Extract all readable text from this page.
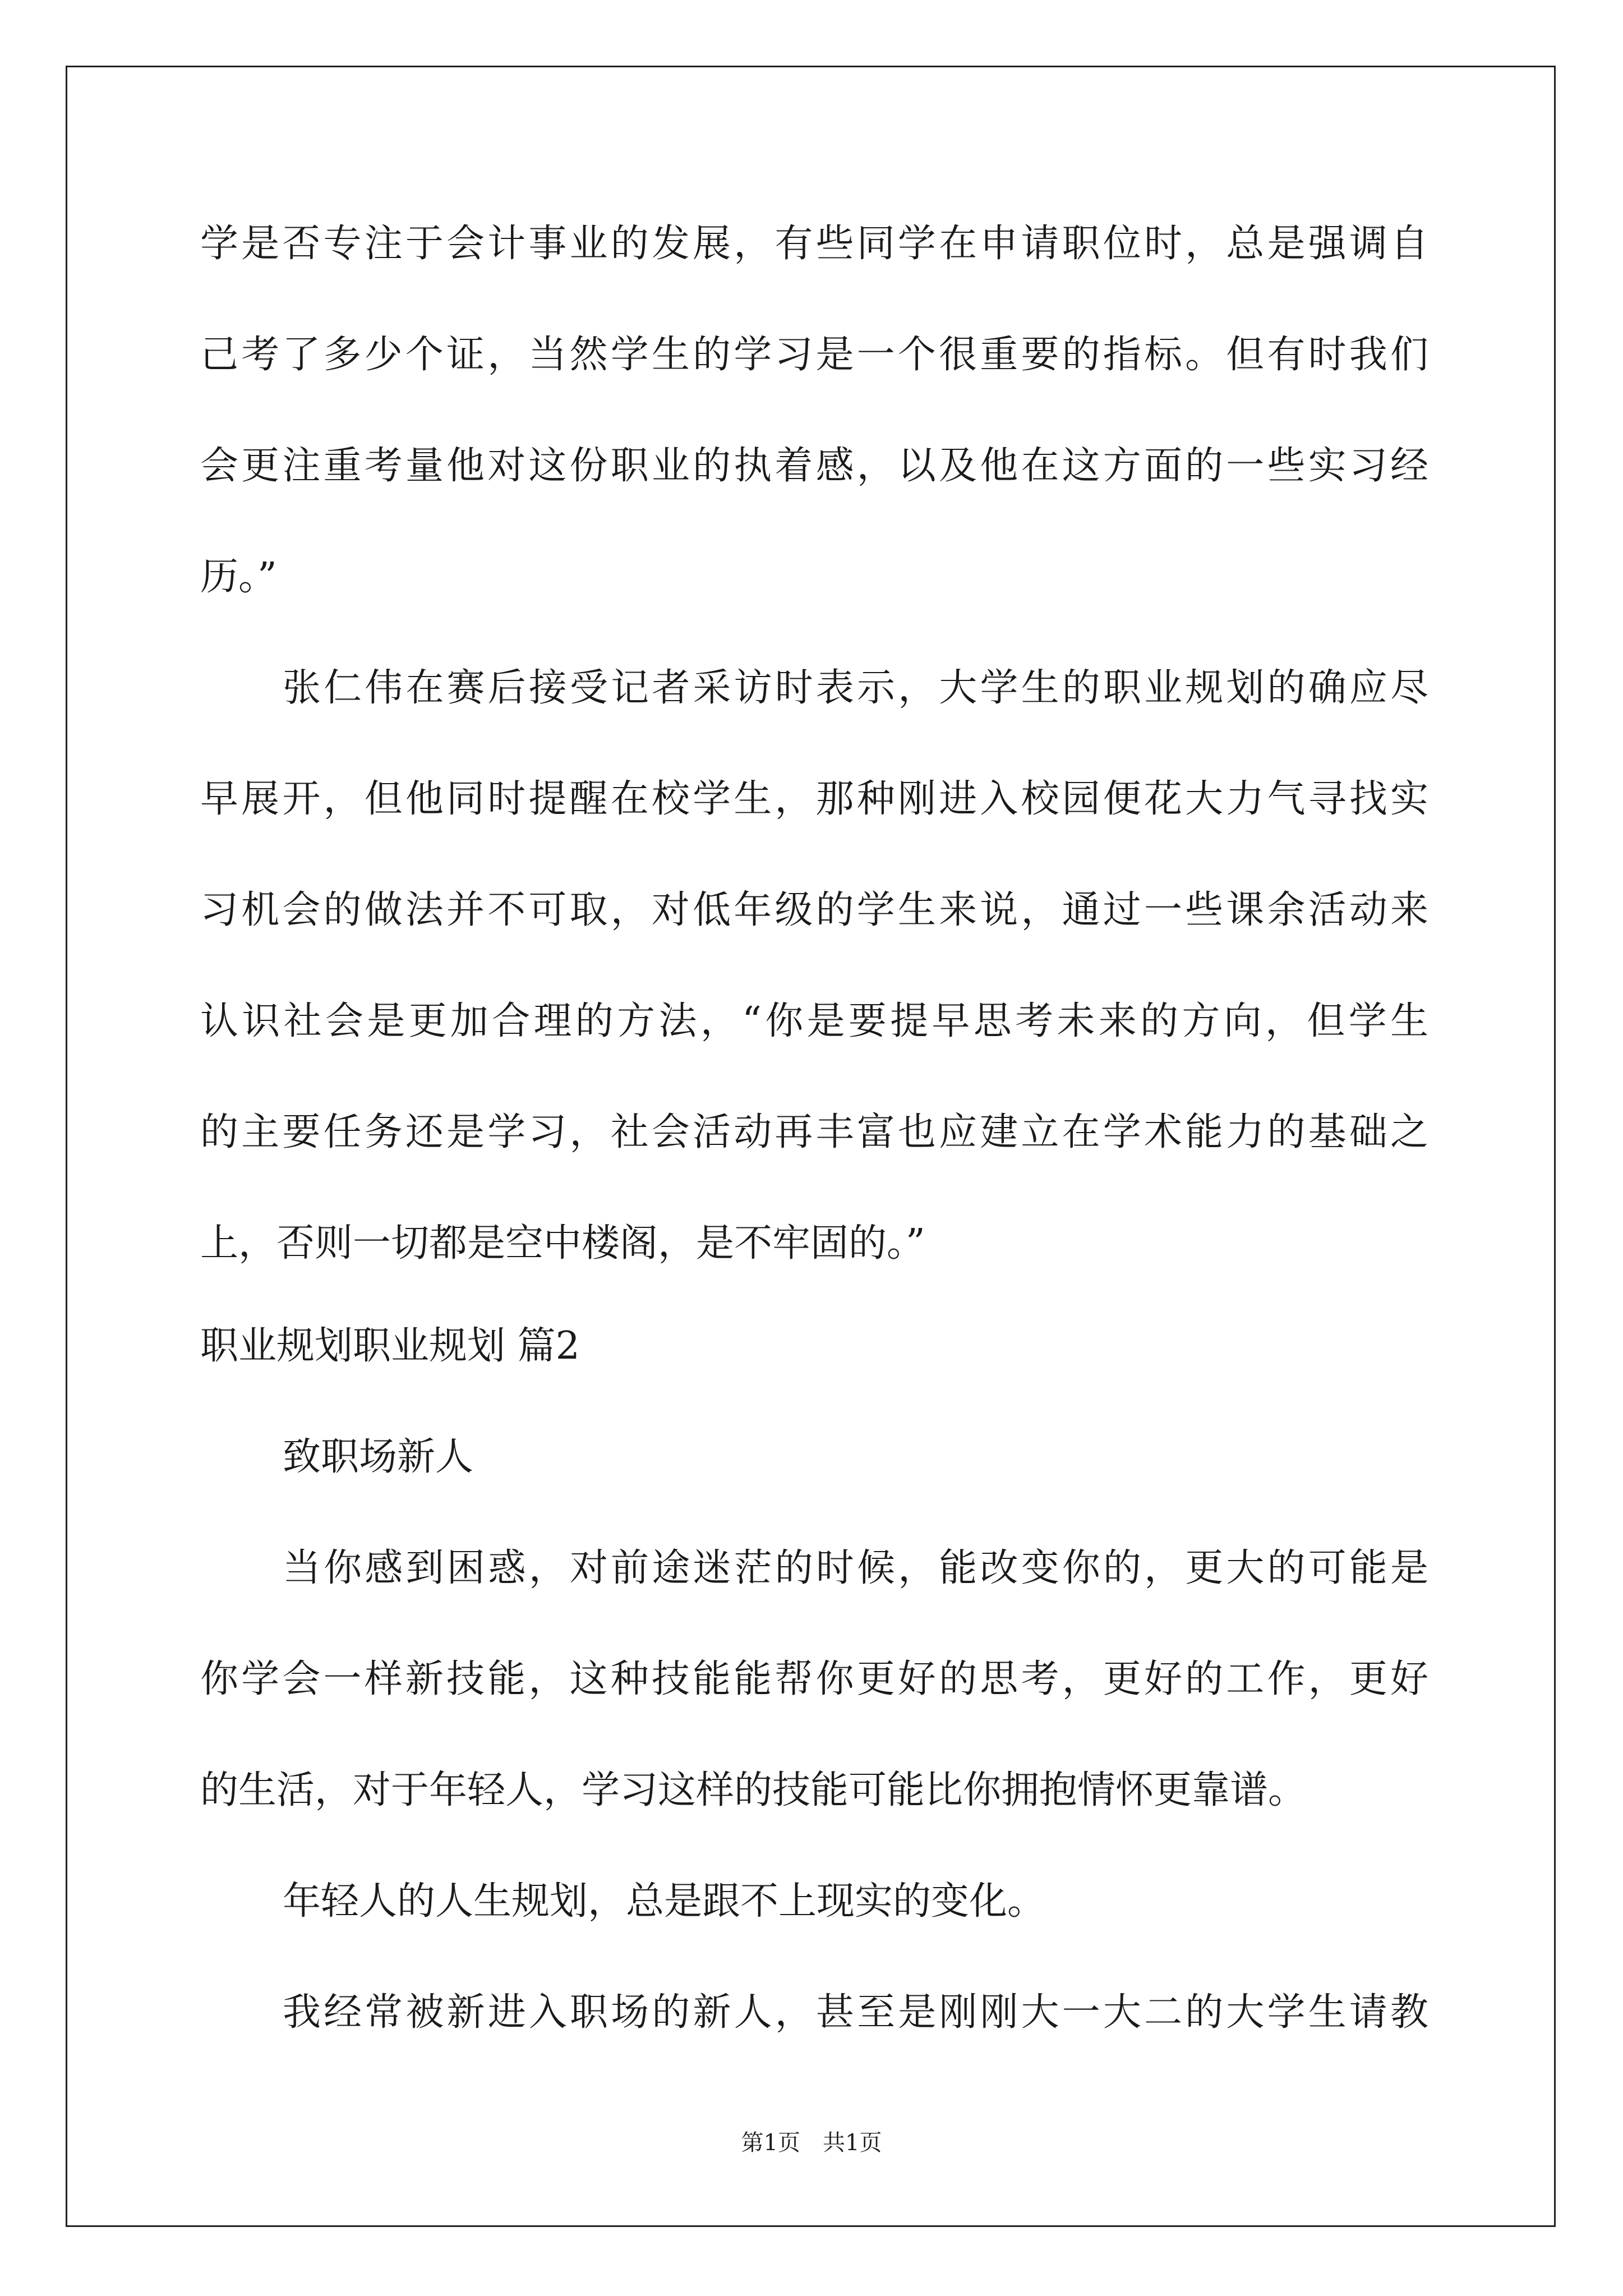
学是否专注于会计事业的发展，有些同学在申请职位时，总是强调自
己考了多少个证，当然学生的学习是一个很重要的指标。但有时我们
会更注重考量他对这份职业的执着感，以及他在这方面的一些实习经
历。”
张仁伟在赛后接受记者采访时表示，大学生的职业规划的确应尽
早展开，但他同时提醒在校学生，那种刚进入校园便花大力气寻找实
习机会的做法并不可取，对低年级的学生来说，通过一些课余活动来
认识社会是更加合理的方法，“你是要提早思考未来的方向，但学生
的主要任务还是学习，社会活动再丰富也应建立在学术能力的基础之
上，否则一切都是空中楼阁，是不牢固的。”
职业规划职业规划 篇2
致职场新人
当你感到困惑，对前途迷茫的时候，能改变你的，更大的可能是
你学会一样新技能，这种技能能帮你更好的思考，更好的工作，更好
的生活，对于年轻人，学习这样的技能可能比你拥抱情怀更靠谱。
年轻人的人生规划，总是跟不上现实的变化。
我经常被新进入职场的新人，甚至是刚刚大一大二的大学生请教
第1页　共1页
